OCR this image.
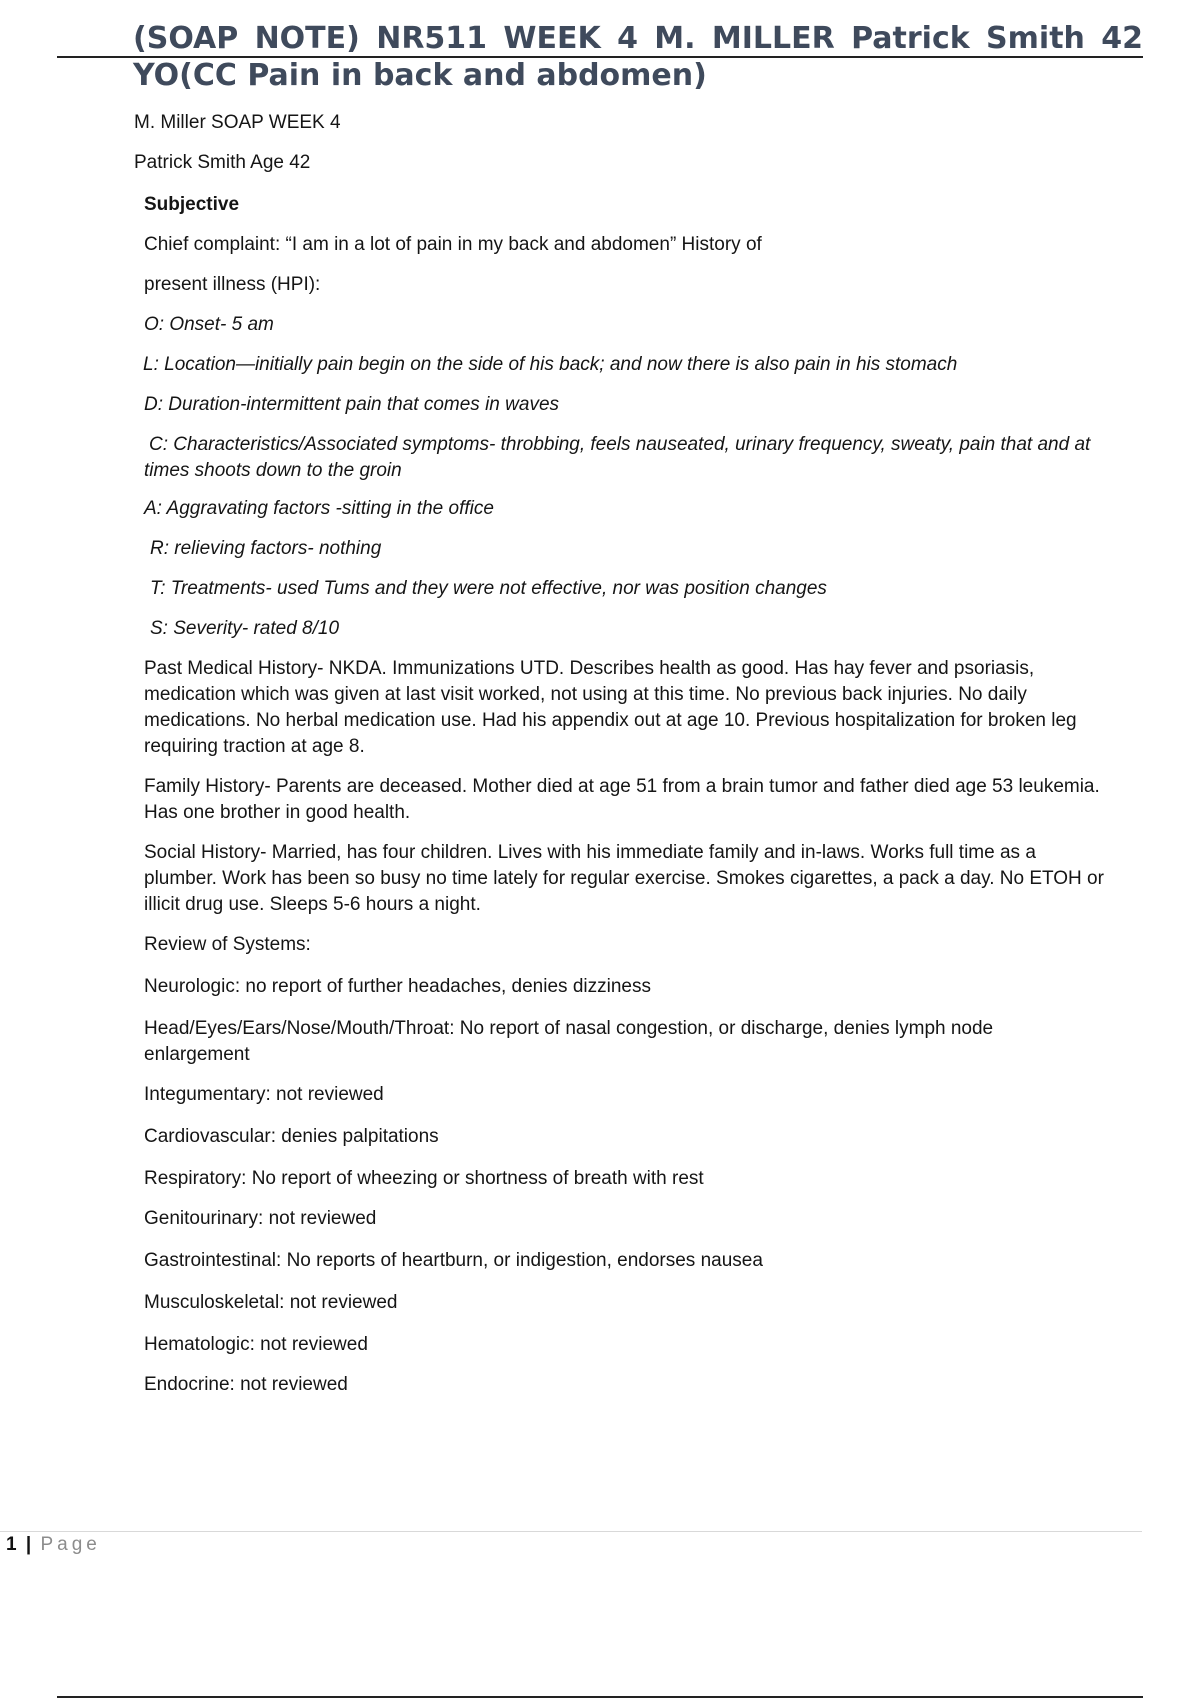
(SOAP NOTE) NR511 WEEK 4 M. MILLER Patrick Smith 42 YO(CC Pain in back and abdomen)
M. Miller SOAP WEEK 4
Patrick Smith Age 42

Subjective

Chief complaint: “I am in a lot of pain in my back and abdomen” History of

present illness (HPI):

O: Onset- 5 am

L: Location—initially pain begin on the side of his back; and now there is also pain in his stomach

D: Duration-intermittent pain that comes in waves

C: Characteristics/Associated symptoms- throbbing, feels nauseated, urinary frequency, sweaty, pain that and at times shoots down to the groin

A: Aggravating factors -sitting in the office

R: relieving factors- nothing

T: Treatments- used Tums and they were not effective, nor was position changes

S: Severity- rated 8/10

Past Medical History- NKDA. Immunizations UTD. Describes health as good. Has hay fever and psoriasis, medication which was given at last visit worked, not using at this time. No previous back injuries. No daily medications. No herbal medication use. Had his appendix out at age 10. Previous hospitalization for broken leg requiring traction at age 8.

Family History- Parents are deceased. Mother died at age 51 from a brain tumor and father died age 53 leukemia. Has one brother in good health.

Social History- Married, has four children. Lives with his immediate family and in-laws. Works full time as a plumber. Work has been so busy no time lately for regular exercise. Smokes cigarettes, a pack a day. No ETOH or illicit drug use. Sleeps 5-6 hours a night.

Review of Systems:

Neurologic: no report of further headaches, denies dizziness

Head/Eyes/Ears/Nose/Mouth/Throat: No report of nasal congestion, or discharge, denies lymph node enlargement

Integumentary: not reviewed

Cardiovascular: denies palpitations

Respiratory: No report of wheezing or shortness of breath with rest

Genitourinary: not reviewed

Gastrointestinal: No reports of heartburn, or indigestion, endorses nausea

Musculoskeletal: not reviewed

Hematologic: not reviewed

Endocrine: not reviewed

1 | Page
